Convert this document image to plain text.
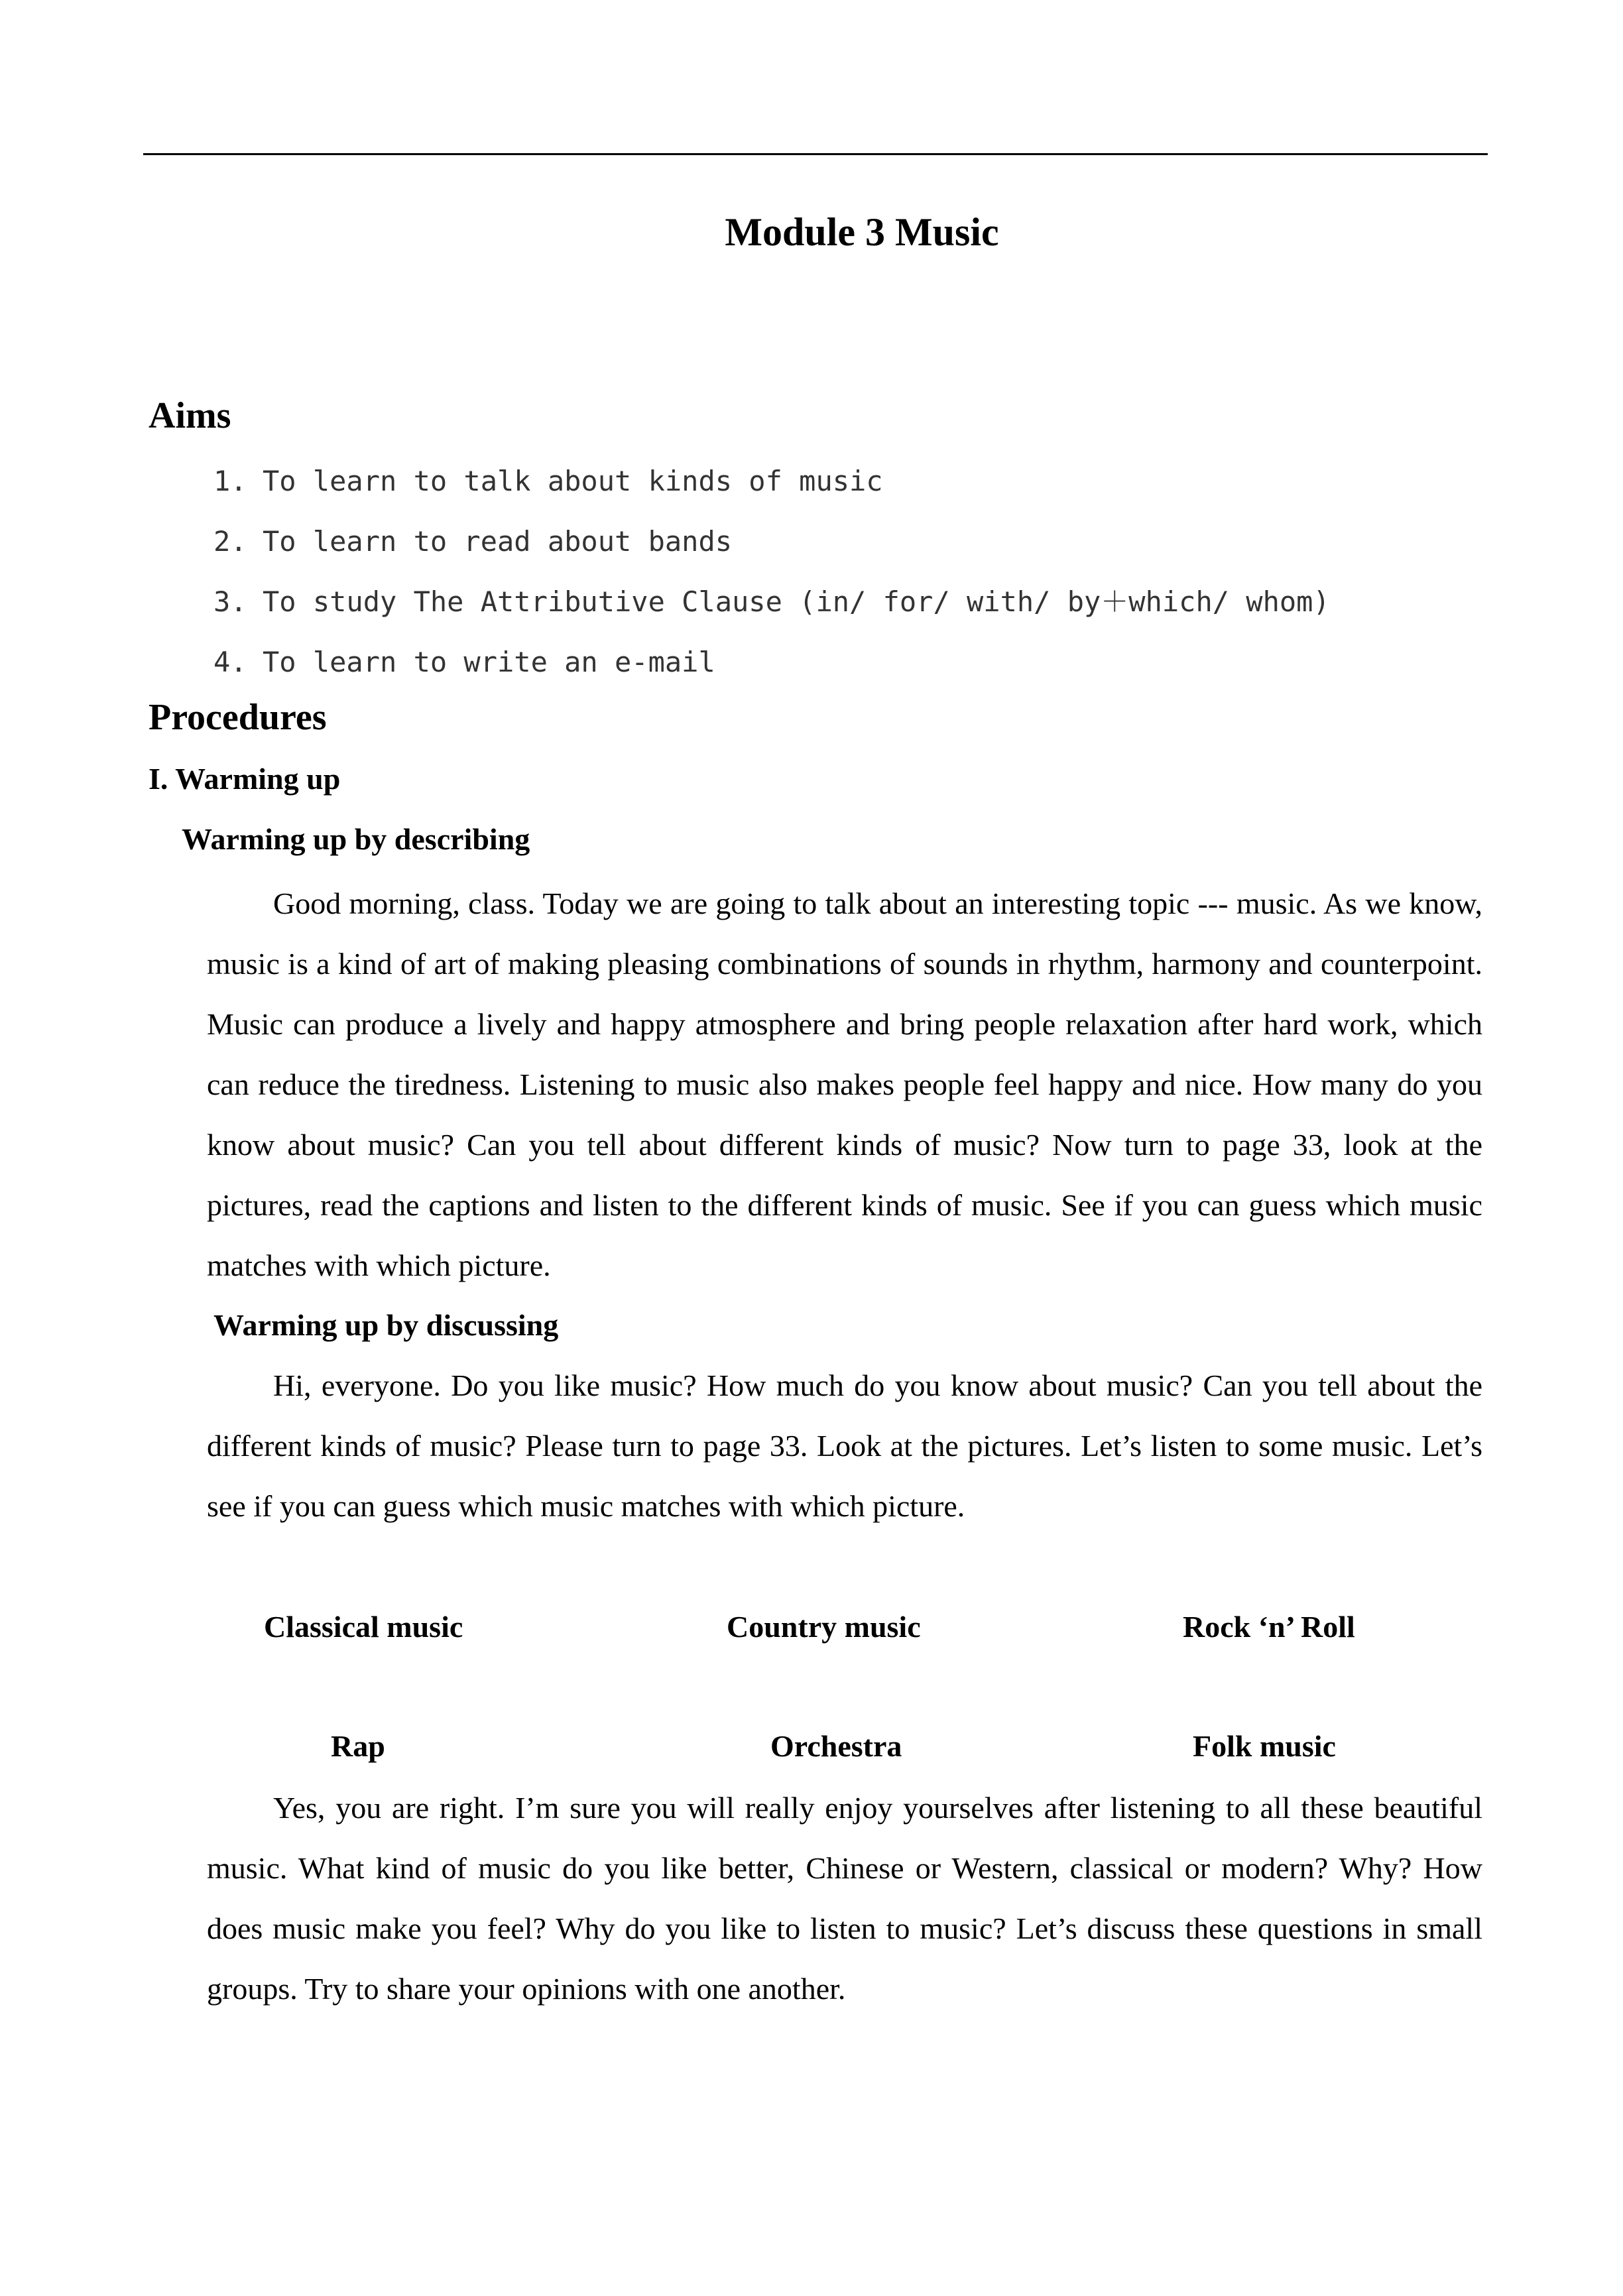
Module 3 Music
Aims
1. To learn to talk about kinds of music
2. To learn to read about bands
3. To study The Attributive Clause (in/ for/ with/ by＋which/ whom)
4. To learn to write an e-mail
Procedures
I. Warming up
Warming up by describing

Good morning, class. Today we are going to talk about an interesting topic --- music. As we know, music is a kind of art of making pleasing combinations of sounds in rhythm, harmony and counterpoint. Music can produce a lively and happy atmosphere and bring people relaxation after hard work, which can reduce the tiredness. Listening to music also makes people feel happy and nice. How many do you know about music? Can you tell about different kinds of music? Now turn to page 33, look at the pictures, read the captions and listen to the different kinds of music. See if you can guess which music matches with which picture.

Warming up by discussing

Hi, everyone. Do you like music? How much do you know about music? Can you tell about the different kinds of music? Please turn to page 33. Look at the pictures. Let’s listen to some music. Let’s see if you can guess which music matches with which picture.

Classical music	Country music	Rock ‘n’ Roll
Rap	Orchestra	Folk music

Yes, you are right. I’m sure you will really enjoy yourselves after listening to all these beautiful music. What kind of music do you like better, Chinese or Western, classical or modern? Why? How does music make you feel? Why do you like to listen to music? Let’s discuss these questions in small groups. Try to share your opinions with one another.
